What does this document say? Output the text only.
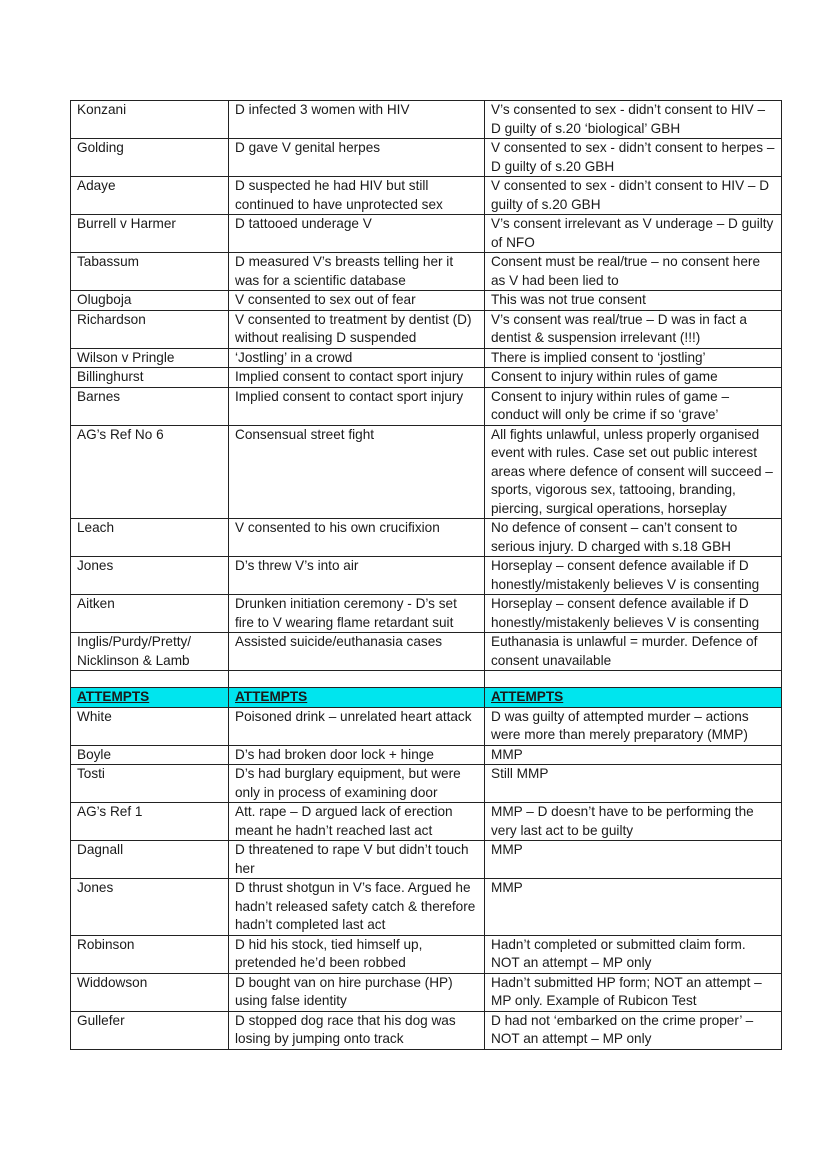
Konzani	D infected 3 women with HIV	V’s consented to sex - didn’t consent to HIV – D guilty of s.20 ‘biological’ GBH
Golding	D gave V genital herpes	V consented to sex - didn’t consent to herpes – D guilty of s.20 GBH
Adaye	D suspected he had HIV but still continued to have unprotected sex	V consented to sex - didn’t consent to HIV – D guilty of s.20 GBH
Burrell v Harmer	D tattooed underage V	V’s consent irrelevant as V underage – D guilty of NFO
Tabassum	D measured V’s breasts telling her it was for a scientific database	Consent must be real/true – no consent here as V had been lied to
Olugboja	V consented to sex out of fear	This was not true consent
Richardson	V consented to treatment by dentist (D) without realising D suspended	V’s consent was real/true – D was in fact a dentist & suspension irrelevant (!!!)
Wilson v Pringle	‘Jostling’ in a crowd	There is implied consent to ‘jostling’
Billinghurst	Implied consent to contact sport injury	Consent to injury within rules of game
Barnes	Implied consent to contact sport injury	Consent to injury within rules of game – conduct will only be crime if so ‘grave’
AG’s Ref No 6	Consensual street fight	All fights unlawful, unless properly organised event with rules. Case set out public interest areas where defence of consent will succeed – sports, vigorous sex, tattooing, branding, piercing, surgical operations, horseplay
Leach	V consented to his own crucifixion	No defence of consent – can’t consent to serious injury. D charged with s.18 GBH
Jones	D’s threw V’s into air	Horseplay – consent defence available if D honestly/mistakenly believes V is consenting
Aitken	Drunken initiation ceremony - D’s set fire to V wearing flame retardant suit	Horseplay – consent defence available if D honestly/mistakenly believes V is consenting
Inglis/Purdy/Pretty/ Nicklinson & Lamb	Assisted suicide/euthanasia cases	Euthanasia is unlawful = murder. Defence of consent unavailable

ATTEMPTS	ATTEMPTS	ATTEMPTS
White	Poisoned drink – unrelated heart attack	D was guilty of attempted murder – actions were more than merely preparatory (MMP)
Boyle	D’s had broken door lock + hinge	MMP
Tosti	D’s had burglary equipment, but were only in process of examining door	Still MMP
AG’s Ref 1	Att. rape – D argued lack of erection meant he hadn’t reached last act	MMP – D doesn’t have to be performing the very last act to be guilty
Dagnall	D threatened to rape V but didn’t touch her	MMP
Jones	D thrust shotgun in V’s face. Argued he hadn’t released safety catch & therefore hadn’t completed last act	MMP
Robinson	D hid his stock, tied himself up, pretended he’d been robbed	Hadn’t completed or submitted claim form. NOT an attempt – MP only
Widdowson	D bought van on hire purchase (HP) using false identity	Hadn’t submitted HP form; NOT an attempt – MP only. Example of Rubicon Test
Gullefer	D stopped dog race that his dog was losing by jumping onto track	D had not ‘embarked on the crime proper’ – NOT an attempt – MP only
